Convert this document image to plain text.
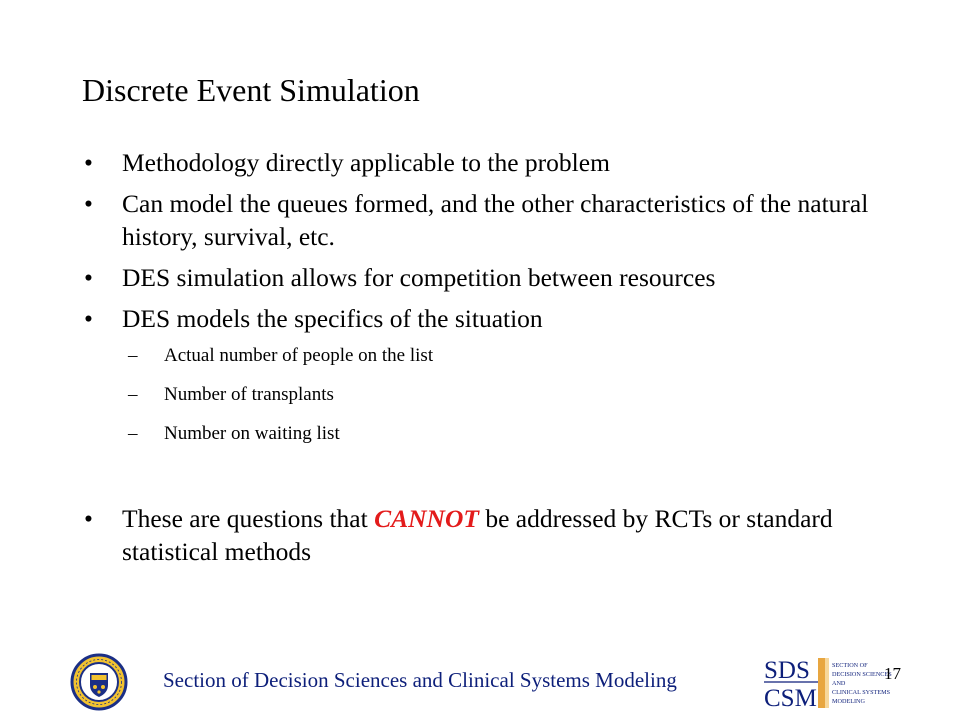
Discrete Event Simulation
• Methodology directly applicable to the problem
• Can model the queues formed, and the other characteristics of the natural history, survival, etc.
• DES simulation allows for competition between resources
• DES models the specifics of the situation
– Actual number of people on the list
– Number of transplants
– Number on waiting list
• These are questions that CANNOT be addressed by RCTs or standard statistical methods
Section of Decision Sciences and Clinical Systems Modeling	SDS
CSM
SECTION OF
DECISION SCIENCES
AND
CLINICAL SYSTEMS
MODELING
17
